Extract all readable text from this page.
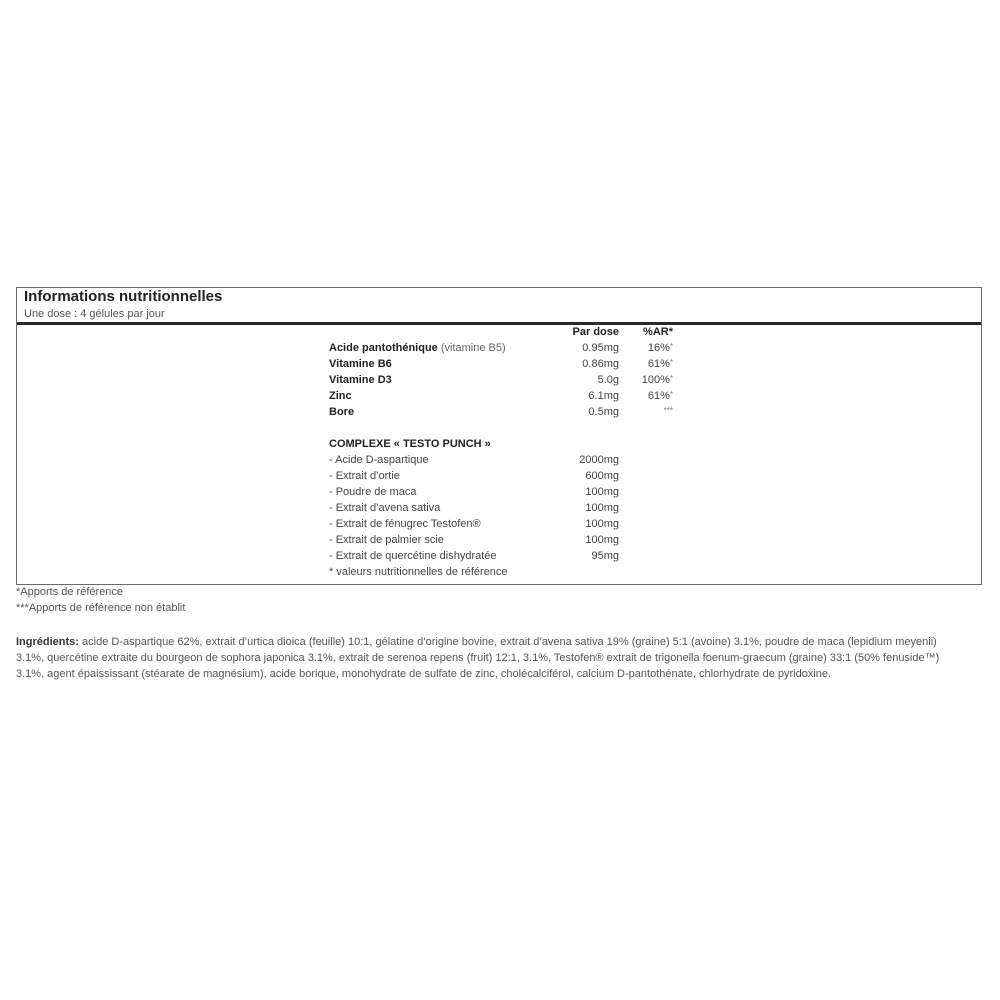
Informations nutritionnelles
Une dose : 4 gélules par jour
Par dose %AR*
Acide pantothénique (vitamine B5)	0.95mg	16%*
Vitamine B6	0.86mg	61%*
Vitamine D3	5.0g 100%*
Zinc	6.1mg	61%*
Bore	0.5mg	***
COMPLEXE « TESTO PUNCH »
- Acide D-aspartique	2000mg
- Extrait d’ortie	600mg
- Poudre de maca	100mg
- Extrait d’avena sativa	100mg
- Extrait de fénugrec Testofen®	100mg
- Extrait de palmier scie	100mg
- Extrait de quercétine dishydratée	95mg
* valeurs nutritionnelles de référence
*Apports de référence
***Apports de référence non établit
Ingrédients: acide D-aspartique 62%, extrait d’urtica dioica (feuille) 10:1, gélatine d’origine bovine, extrait d’avena sativa 19% (graine) 5:1 (avoine) 3.1%, poudre de maca (lepidium meyenii) 3.1%, quercétine extraite du bourgeon de sophora japonica 3.1%, extrait de serenoa repens (fruit) 12:1, 3.1%, Testofen® extrait de trigonella foenum-graecum (graine) 33:1 (50% fenuside™) 3.1%, agent épaississant (stéarate de magnésium), acide borique, monohydrate de sulfate de zinc, cholécalciférol, calcium D-pantothénate, chlorhydrate de pyridoxine.
